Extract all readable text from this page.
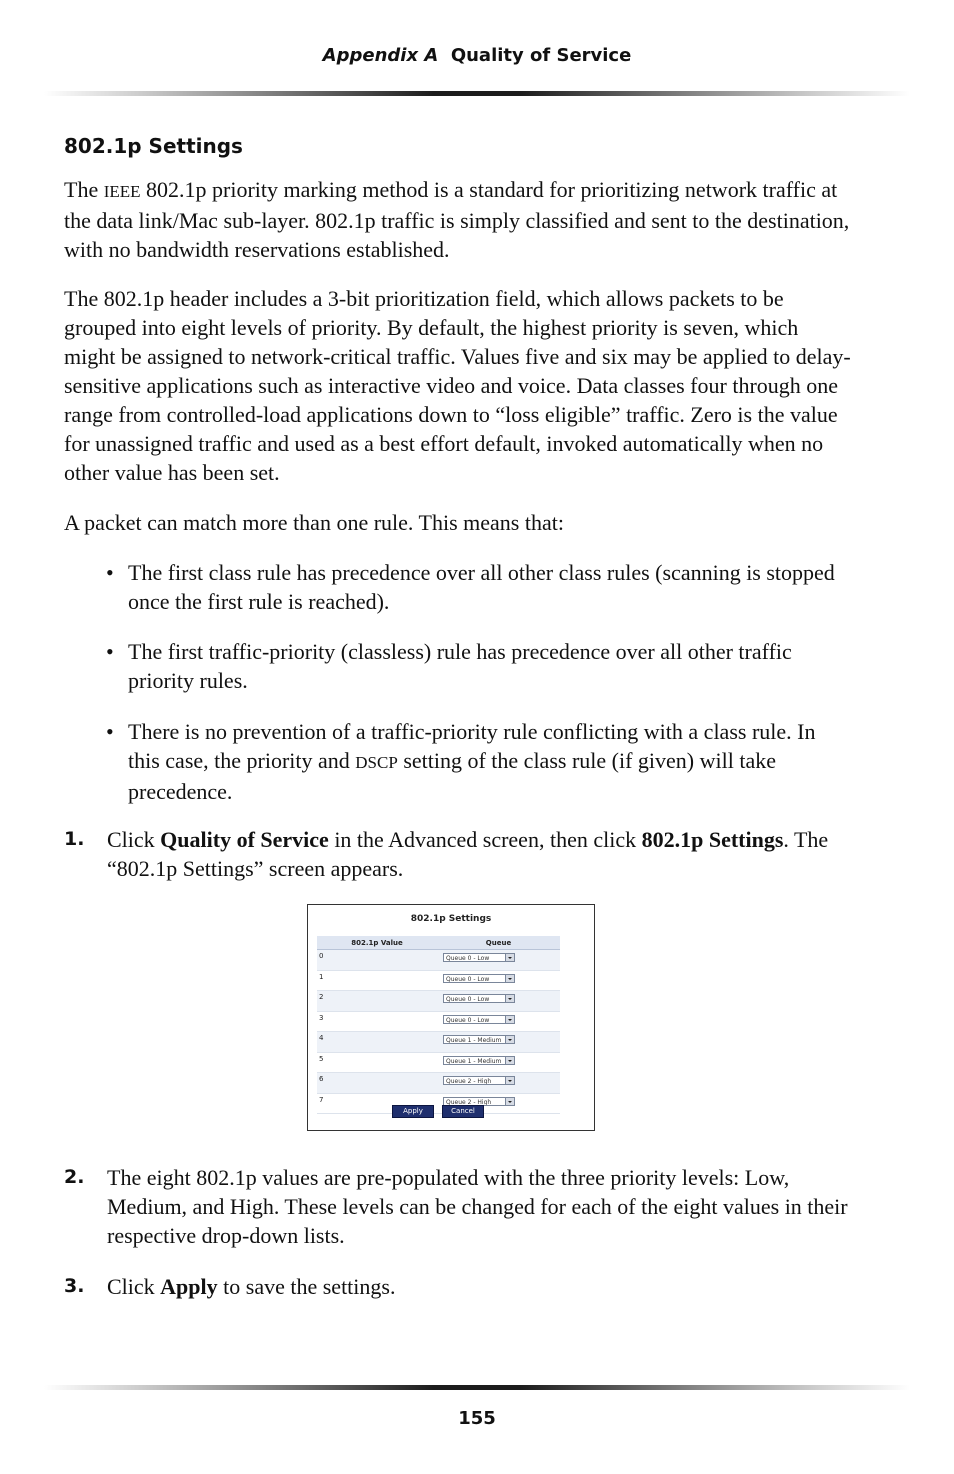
Appendix A Quality of Service
802.1p Settings
The IEEE 802.1p priority marking method is a standard for prioritizing network traffic at the data link/Mac sub-layer. 802.1p traffic is simply classified and sent to the destination, with no bandwidth reservations established.
The 802.1p header includes a 3-bit prioritization field, which allows packets to be grouped into eight levels of priority. By default, the highest priority is seven, which might be assigned to network-critical traffic. Values five and six may be applied to delay-sensitive applications such as interactive video and voice. Data classes four through one range from controlled-load applications down to “loss eligible” traffic. Zero is the value for unassigned traffic and used as a best effort default, invoked automatically when no other value has been set.
A packet can match more than one rule. This means that:
• The first class rule has precedence over all other class rules (scanning is stopped once the first rule is reached).
• The first traffic-priority (classless) rule has precedence over all other traffic priority rules.
• There is no prevention of a traffic-priority rule conflicting with a class rule. In this case, the priority and DSCP setting of the class rule (if given) will take precedence.
1. Click Quality of Service in the Advanced screen, then click 802.1p Settings. The “802.1p Settings” screen appears.
802.1p Settings
802.1p Value	Queue
0	Queue 0 - Low

1	Queue 0 - Low

2	Queue 0 - Low

3	Queue 0 - Low

4	Queue 1 - Medium

5	Queue 1 - Medium

6	Queue 2 - High

7	Queue 2 - High
Apply	Cancel
2. The eight 802.1p values are pre-populated with the three priority levels: Low, Medium, and High. These levels can be changed for each of the eight values in their respective drop-down lists.
3. Click Apply to save the settings.
155
